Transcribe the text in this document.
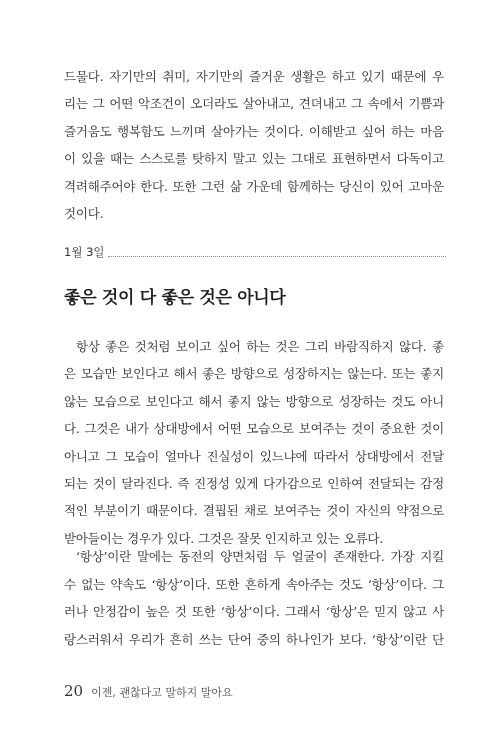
드물다. 자기만의 취미, 자기만의 즐거운 생활은 하고 있기 때문에 우
리는 그 어떤 악조건이 오더라도 살아내고, 견뎌내고 그 속에서 기쁨과
즐거움도 행복함도 느끼며 살아가는 것이다. 이해받고 싶어 하는 마음
이 있을 때는 스스로를 탓하지 말고 있는 그대로 표현하면서 다독이고
격려해주어야 한다. 또한 그런 삶 가운데 함께하는 당신이 있어 고마운
것이다.
1월 3일
좋은 것이 다 좋은 것은 아니다
항상 좋은 것처럼 보이고 싶어 하는 것은 그리 바람직하지 않다. 좋
은 모습만 보인다고 해서 좋은 방향으로 성장하지는 않는다. 또는 좋지
않는 모습으로 보인다고 해서 좋지 않는 방향으로 성장하는 것도 아니
다. 그것은 내가 상대방에서 어떤 모습으로 보여주는 것이 중요한 것이
아니고 그 모습이 얼마나 진실성이 있느냐에 따라서 상대방에서 전달
되는 것이 달라진다. 즉 진정성 있게 다가감으로 인하여 전달되는 감정
적인 부분이기 때문이다. 결핍된 채로 보여주는 것이 자신의 약점으로
받아들이는 경우가 있다. 그것은 잘못 인지하고 있는 오류다.
‘항상’이란 말에는 동전의 양면처럼 두 얼굴이 존재한다. 가장 지킬
수 없는 약속도 ‘항상’이다. 또한 흔하게 속아주는 것도 ‘항상’이다. 그
러나 안정감이 높은 것 또한 ‘항상’이다. 그래서 ‘항상’은 믿지 않고 사
랑스러워서 우리가 흔히 쓰는 단어 중의 하나인가 보다. ‘항상’이란 단
20 이젠, 괜찮다고 말하지 말아요
